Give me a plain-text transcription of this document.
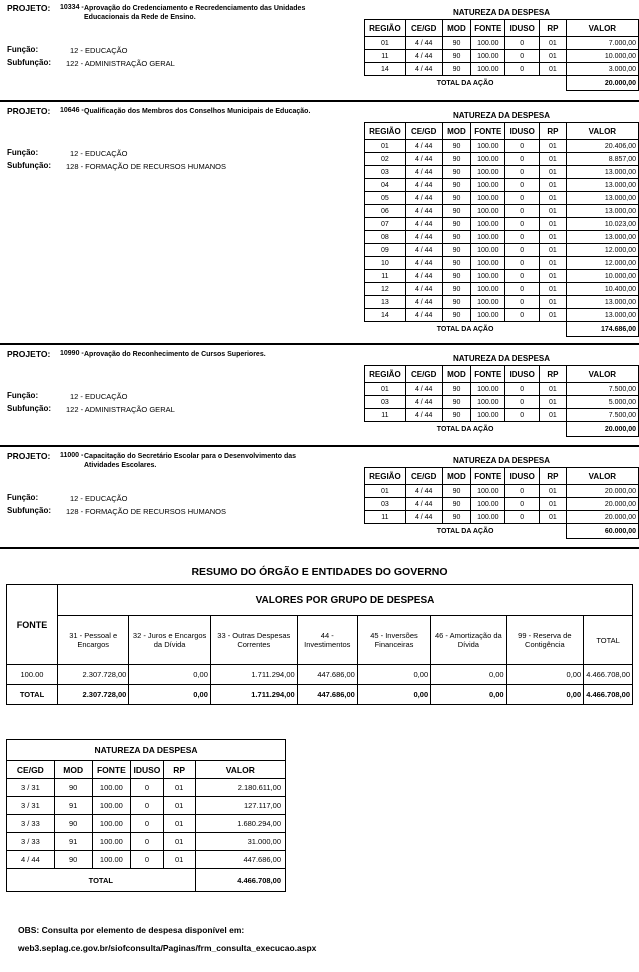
PROJETO: 10334 - Aprovação do Credenciamento e Recredenciamento das Unidades Educacionais da Rede de Ensino.
Função:	12 - EDUCAÇÃO
Subfunção: 122 - ADMINISTRAÇÃO GERAL
NATUREZA DA DESPESA						
REGIÃO	CE/GD	MOD	FONTE	IDUSO	RP	VALOR
01	4 / 44	90	100.00	0	01	7.000,00
11	4 / 44	90	100.00	0	01	10.000,00
14	4 / 44	90	100.00	0	01	3.000,00
TOTAL DA AÇÃO						20.000,00
PROJETO: 10646 - Qualificação dos Membros dos Conselhos Municipais de Educação.
Função:	12 - EDUCAÇÃO
Subfunção: 128 - FORMAÇÃO DE RECURSOS HUMANOS
NATUREZA DA DESPESA						
REGIÃO	CE/GD	MOD	FONTE	IDUSO	RP	VALOR
01	4 / 44	90	100.00	0	01	20.406,00
02	4 / 44	90	100.00	0	01	8.857,00
03	4 / 44	90	100.00	0	01	13.000,00
04	4 / 44	90	100.00	0	01	13.000,00
05	4 / 44	90	100.00	0	01	13.000,00
06	4 / 44	90	100.00	0	01	13.000,00
07	4 / 44	90	100.00	0	01	10.023,00
08	4 / 44	90	100.00	0	01	13.000,00
09	4 / 44	90	100.00	0	01	12.000,00
10	4 / 44	90	100.00	0	01	12.000,00
11	4 / 44	90	100.00	0	01	10.000,00
12	4 / 44	90	100.00	0	01	10.400,00
13	4 / 44	90	100.00	0	01	13.000,00
14	4 / 44	90	100.00	0	01	13.000,00
TOTAL DA AÇÃO						174.686,00
PROJETO: 10990 - Aprovação do Reconhecimento de Cursos Superiores.
Função:	12 - EDUCAÇÃO
Subfunção: 122 - ADMINISTRAÇÃO GERAL
NATUREZA DA DESPESA						
REGIÃO	CE/GD	MOD	FONTE	IDUSO	RP	VALOR
01	4 / 44	90	100.00	0	01	7.500,00
03	4 / 44	90	100.00	0	01	5.000,00
11	4 / 44	90	100.00	0	01	7.500,00
TOTAL DA AÇÃO						20.000,00
PROJETO: 11000 - Capacitação do Secretário Escolar para o Desenvolvimento das Atividades Escolares.
Função:	12 - EDUCAÇÃO
Subfunção: 128 - FORMAÇÃO DE RECURSOS HUMANOS
NATUREZA DA DESPESA						
REGIÃO	CE/GD	MOD	FONTE	IDUSO	RP	VALOR
01	4 / 44	90	100.00	0	01	20.000,00
03	4 / 44	90	100.00	0	01	20.000,00
11	4 / 44	90	100.00	0	01	20.000,00
TOTAL DA AÇÃO						60.000,00
RESUMO DO ÓRGÃO E ENTIDADES DO GOVERNO
FONTE	VALORES POR GRUPO DE DESPESA							
	31 - Pessoal e Encargos	32 - Juros e Encargos da Dívida	33 - Outras Despesas Correntes	44 - Investimentos	45 - Inversões Financeiras	46 - Amortização da Dívida	99 - Reserva de Contigência	TOTAL
100.00	2.307.728,00	0,00	1.711.294,00	447.686,00	0,00	0,00	0,00	4.466.708,00
TOTAL	2.307.728,00	0,00	1.711.294,00	447.686,00	0,00	0,00	0,00	4.466.708,00
NATUREZA DA DESPESA					
CE/GD	MOD	FONTE	IDUSO	RP	VALOR
3 / 31	90	100.00	0	01	2.180.611,00
3 / 31	91	100.00	0	01	127.117,00
3 / 33	90	100.00	0	01	1.680.294,00
3 / 33	91	100.00	0	01	31.000,00
4 / 44	90	100.00	0	01	447.686,00
TOTAL					4.466.708,00
OBS: Consulta por elemento de despesa disponível em:
web3.seplag.ce.gov.br/siofconsulta/Paginas/frm_consulta_execucao.aspx
